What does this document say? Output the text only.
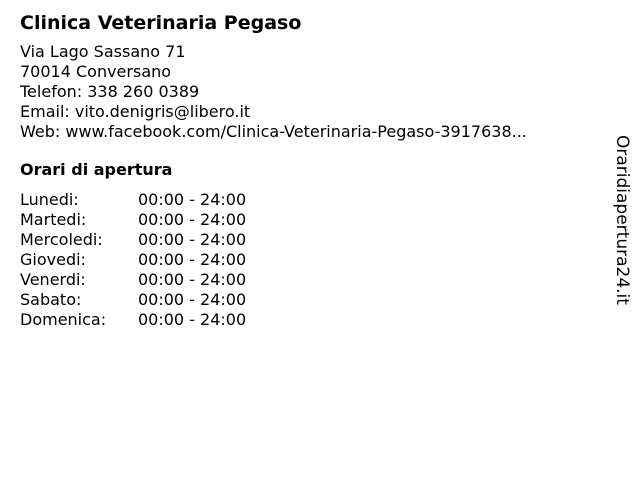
Clinica Veterinaria Pegaso
Via Lago Sassano 71
70014 Conversano
Telefon: 338 260 0389
Email: vito.denigris@libero.it
Web: www.facebook.com/Clinica-Veterinaria-Pegaso-3917638...
Orari di apertura
Lunedi:	00:00 - 24:00
Martedi:	00:00 - 24:00
Mercoledi:	00:00 - 24:00
Giovedi:	00:00 - 24:00
Venerdi:	00:00 - 24:00
Sabato:	00:00 - 24:00
Domenica:	00:00 - 24:00
Oraridiapertura24.it
